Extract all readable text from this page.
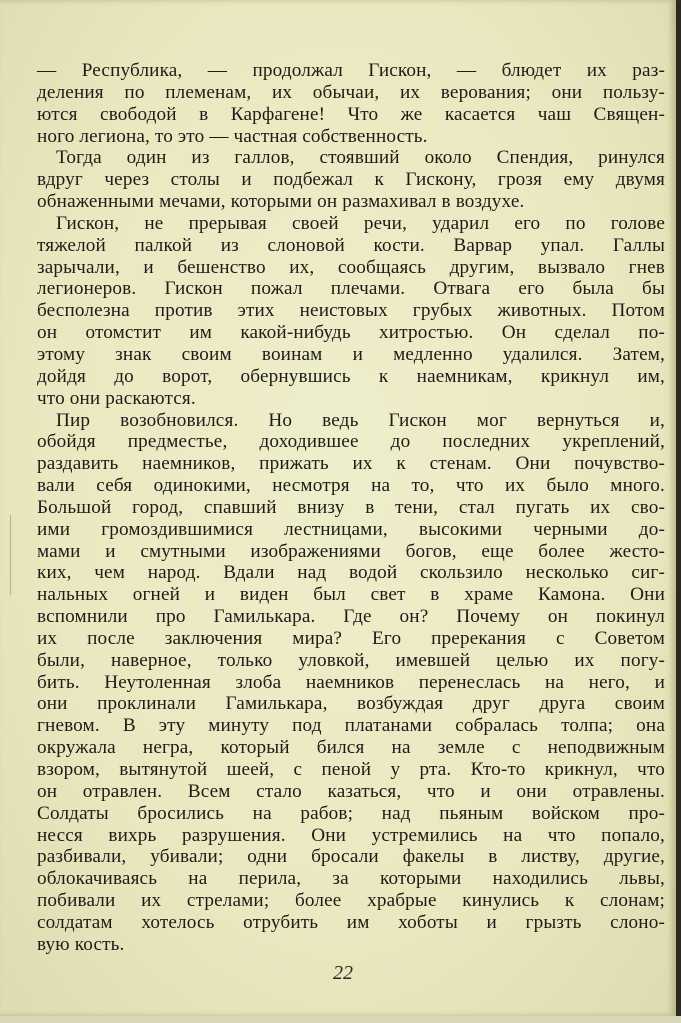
— Республика, — продолжал Гискон, — блюдет их раз-
деления по племенам, их обычаи, их верования; они пользу-
ются свободой в Карфагене! Что же касается чаш Священ-
ного легиона, то это — частная собственность.
Тогда один из галлов, стоявший около Спендия, ринулся
вдруг через столы и подбежал к Гискону, грозя ему двумя
обнаженными мечами, которыми он размахивал в воздухе.
Гискон, не прерывая своей речи, ударил его по голове
тяжелой палкой из слоновой кости. Варвар упал. Галлы
зарычали, и бешенство их, сообщаясь другим, вызвало гнев
легионеров. Гискон пожал плечами. Отвага его была бы
бесполезна против этих неистовых грубых животных. Потом
он отомстит им какой-нибудь хитростью. Он сделал по-
этому знак своим воинам и медленно удалился. Затем,
дойдя до ворот, обернувшись к наемникам, крикнул им,
что они раскаются.
Пир возобновился. Но ведь Гискон мог вернуться и,
обойдя предместье, доходившее до последних укреплений,
раздавить наемников, прижать их к стенам. Они почувство-
вали себя одинокими, несмотря на то, что их было много.
Большой город, спавший внизу в тени, стал пугать их сво-
ими громоздившимися лестницами, высокими черными до-
мами и смутными изображениями богов, еще более жесто-
ких, чем народ. Вдали над водой скользило несколько сиг-
нальных огней и виден был свет в храме Камона. Они
вспомнили про Гамилькара. Где он? Почему он покинул
их после заключения мира? Его пререкания с Советом
были, наверное, только уловкой, имевшей целью их погу-
бить. Неутоленная злоба наемников перенеслась на него, и
они проклинали Гамилькара, возбуждая друг друга своим
гневом. В эту минуту под платанами собралась толпа; она
окружала негра, который бился на земле с неподвижным
взором, вытянутой шеей, с пеной у рта. Кто-то крикнул, что
он отравлен. Всем стало казаться, что и они отравлены.
Солдаты бросились на рабов; над пьяным войском про-
несся вихрь разрушения. Они устремились на что попало,
разбивали, убивали; одни бросали факелы в листву, другие,
облокачиваясь на перила, за которыми находились львы,
побивали их стрелами; более храбрые кинулись к слонам;
солдатам хотелось отрубить им хоботы и грызть слоно-
вую кость.
22
